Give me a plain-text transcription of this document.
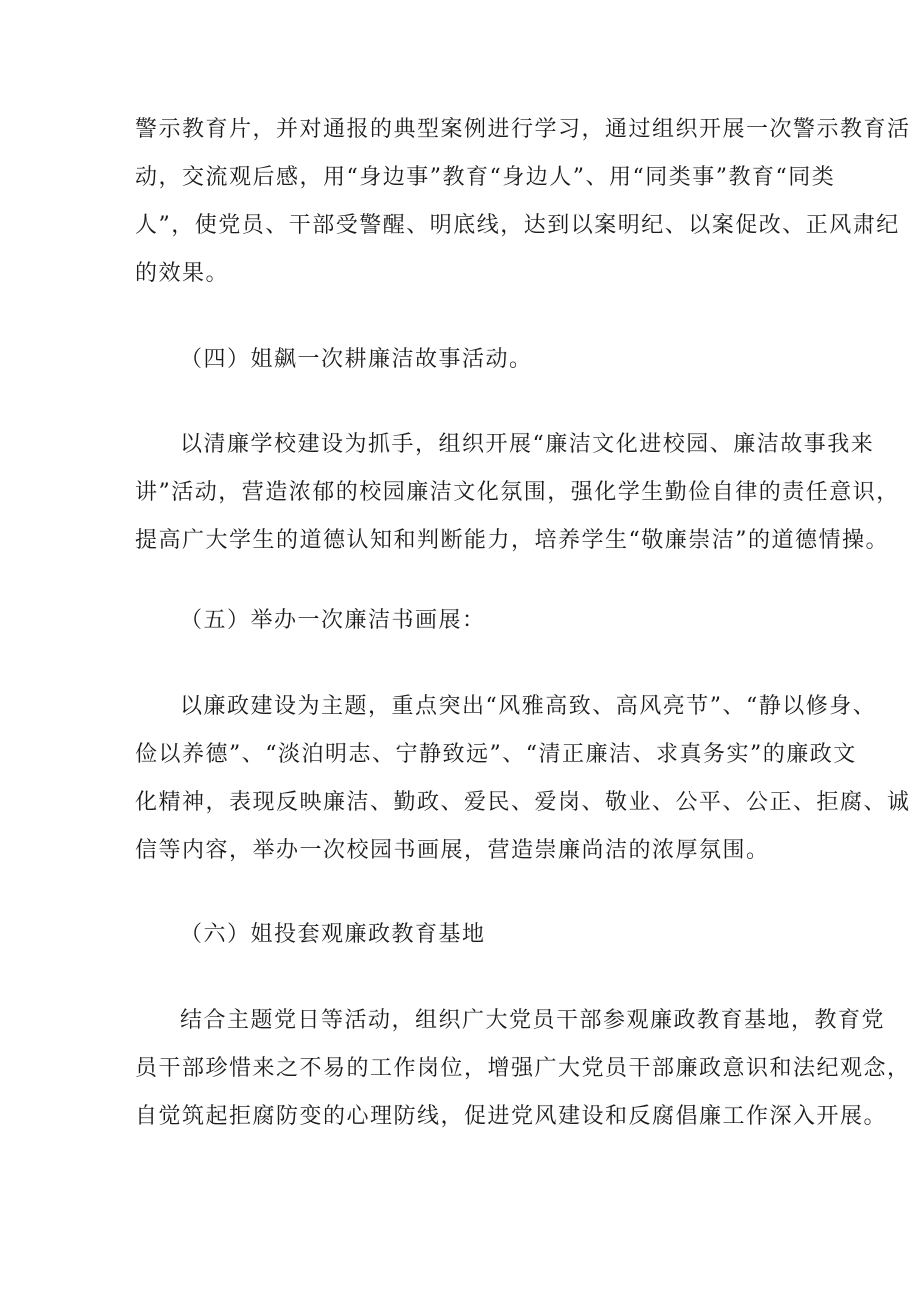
警示教育片，并对通报的典型案例进行学习，通过组织开展一次警示教育活
动，交流观后感，用“身边事”教育“身边人”、用“同类事”教育“同类
人”，使党员、干部受警醒、明底线，达到以案明纪、以案促改、正风肃纪
的效果。
（四）姐飙一次耕廉洁故事活动。
以清廉学校建设为抓手，组织开展“廉洁文化进校园、廉洁故事我来
讲”活动，营造浓郁的校园廉洁文化氛围，强化学生勤俭自律的责任意识，
提高广大学生的道德认知和判断能力，培养学生“敬廉崇洁”的道德情操。
（五）举办一次廉洁书画展：
以廉政建设为主题，重点突出“风雅高致、高风亮节”、“静以修身、
俭以养德”、“淡泊明志、宁静致远”、“清正廉洁、求真务实”的廉政文
化精神，表现反映廉洁、勤政、爱民、爱岗、敬业、公平、公正、拒腐、诚
信等内容，举办一次校园书画展，营造崇廉尚洁的浓厚氛围。
（六）姐投套观廉政教育基地
结合主题党日等活动，组织广大党员干部参观廉政教育基地，教育党
员干部珍惜来之不易的工作岗位，增强广大党员干部廉政意识和法纪观念，
自觉筑起拒腐防变的心理防线，促进党风建设和反腐倡廉工作深入开展。
